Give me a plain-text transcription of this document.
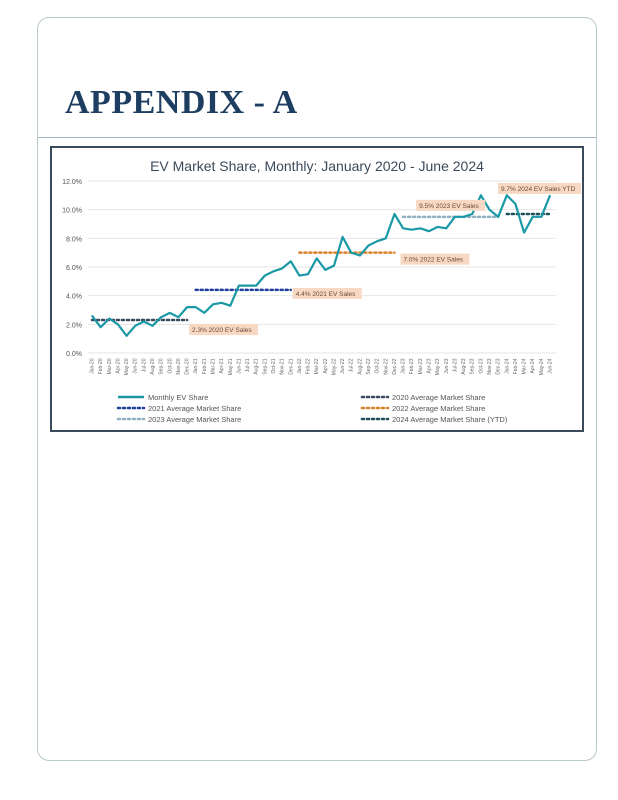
APPENDIX - A
EV Market Share, Monthly: January 2020 - June 2024
0.0%
2.0%
4.0%
6.0%
8.0%
10.0%
12.0%
Jan-20 Feb-20 Mar-20 Apr-20 May-20 Jun-20 Jul-20 Aug-20 Sep-20 Oct-20 Nov-20 Dec-20 Jan-21 Feb-21 Mar-21 Apr-21 May-21 Jun-21 Jul-21 Aug-21 Sep-21 Oct-21 Nov-21 Dec-21 Jan-22 Feb-22 Mar-22 Apr-22 May-22 Jun-22 Jul-22 Aug-22 Sep-22 Oct-22 Nov-22 Dec-22 Jan-23 Feb-23 Mar-23 Apr-23 May-23 Jun-23 Jul-23 Aug-23 Sep-23 Oct-23 Nov-23 Dec-23 Jan-24 Feb-24 Mar-24 Apr-24 May-24 Jun-24
2.3% 2020 EV Sales
4.4% 2021 EV Sales
7.0% 2022 EV Sales
9.5% 2023 EV Sales
9.7% 2024 EV Sales YTD
Monthly EV Share	2020 Average Market Share
2021 Average Market Share	2022 Average Market Share
2023 Average Market Share	2024 Average Market Share (YTD)
